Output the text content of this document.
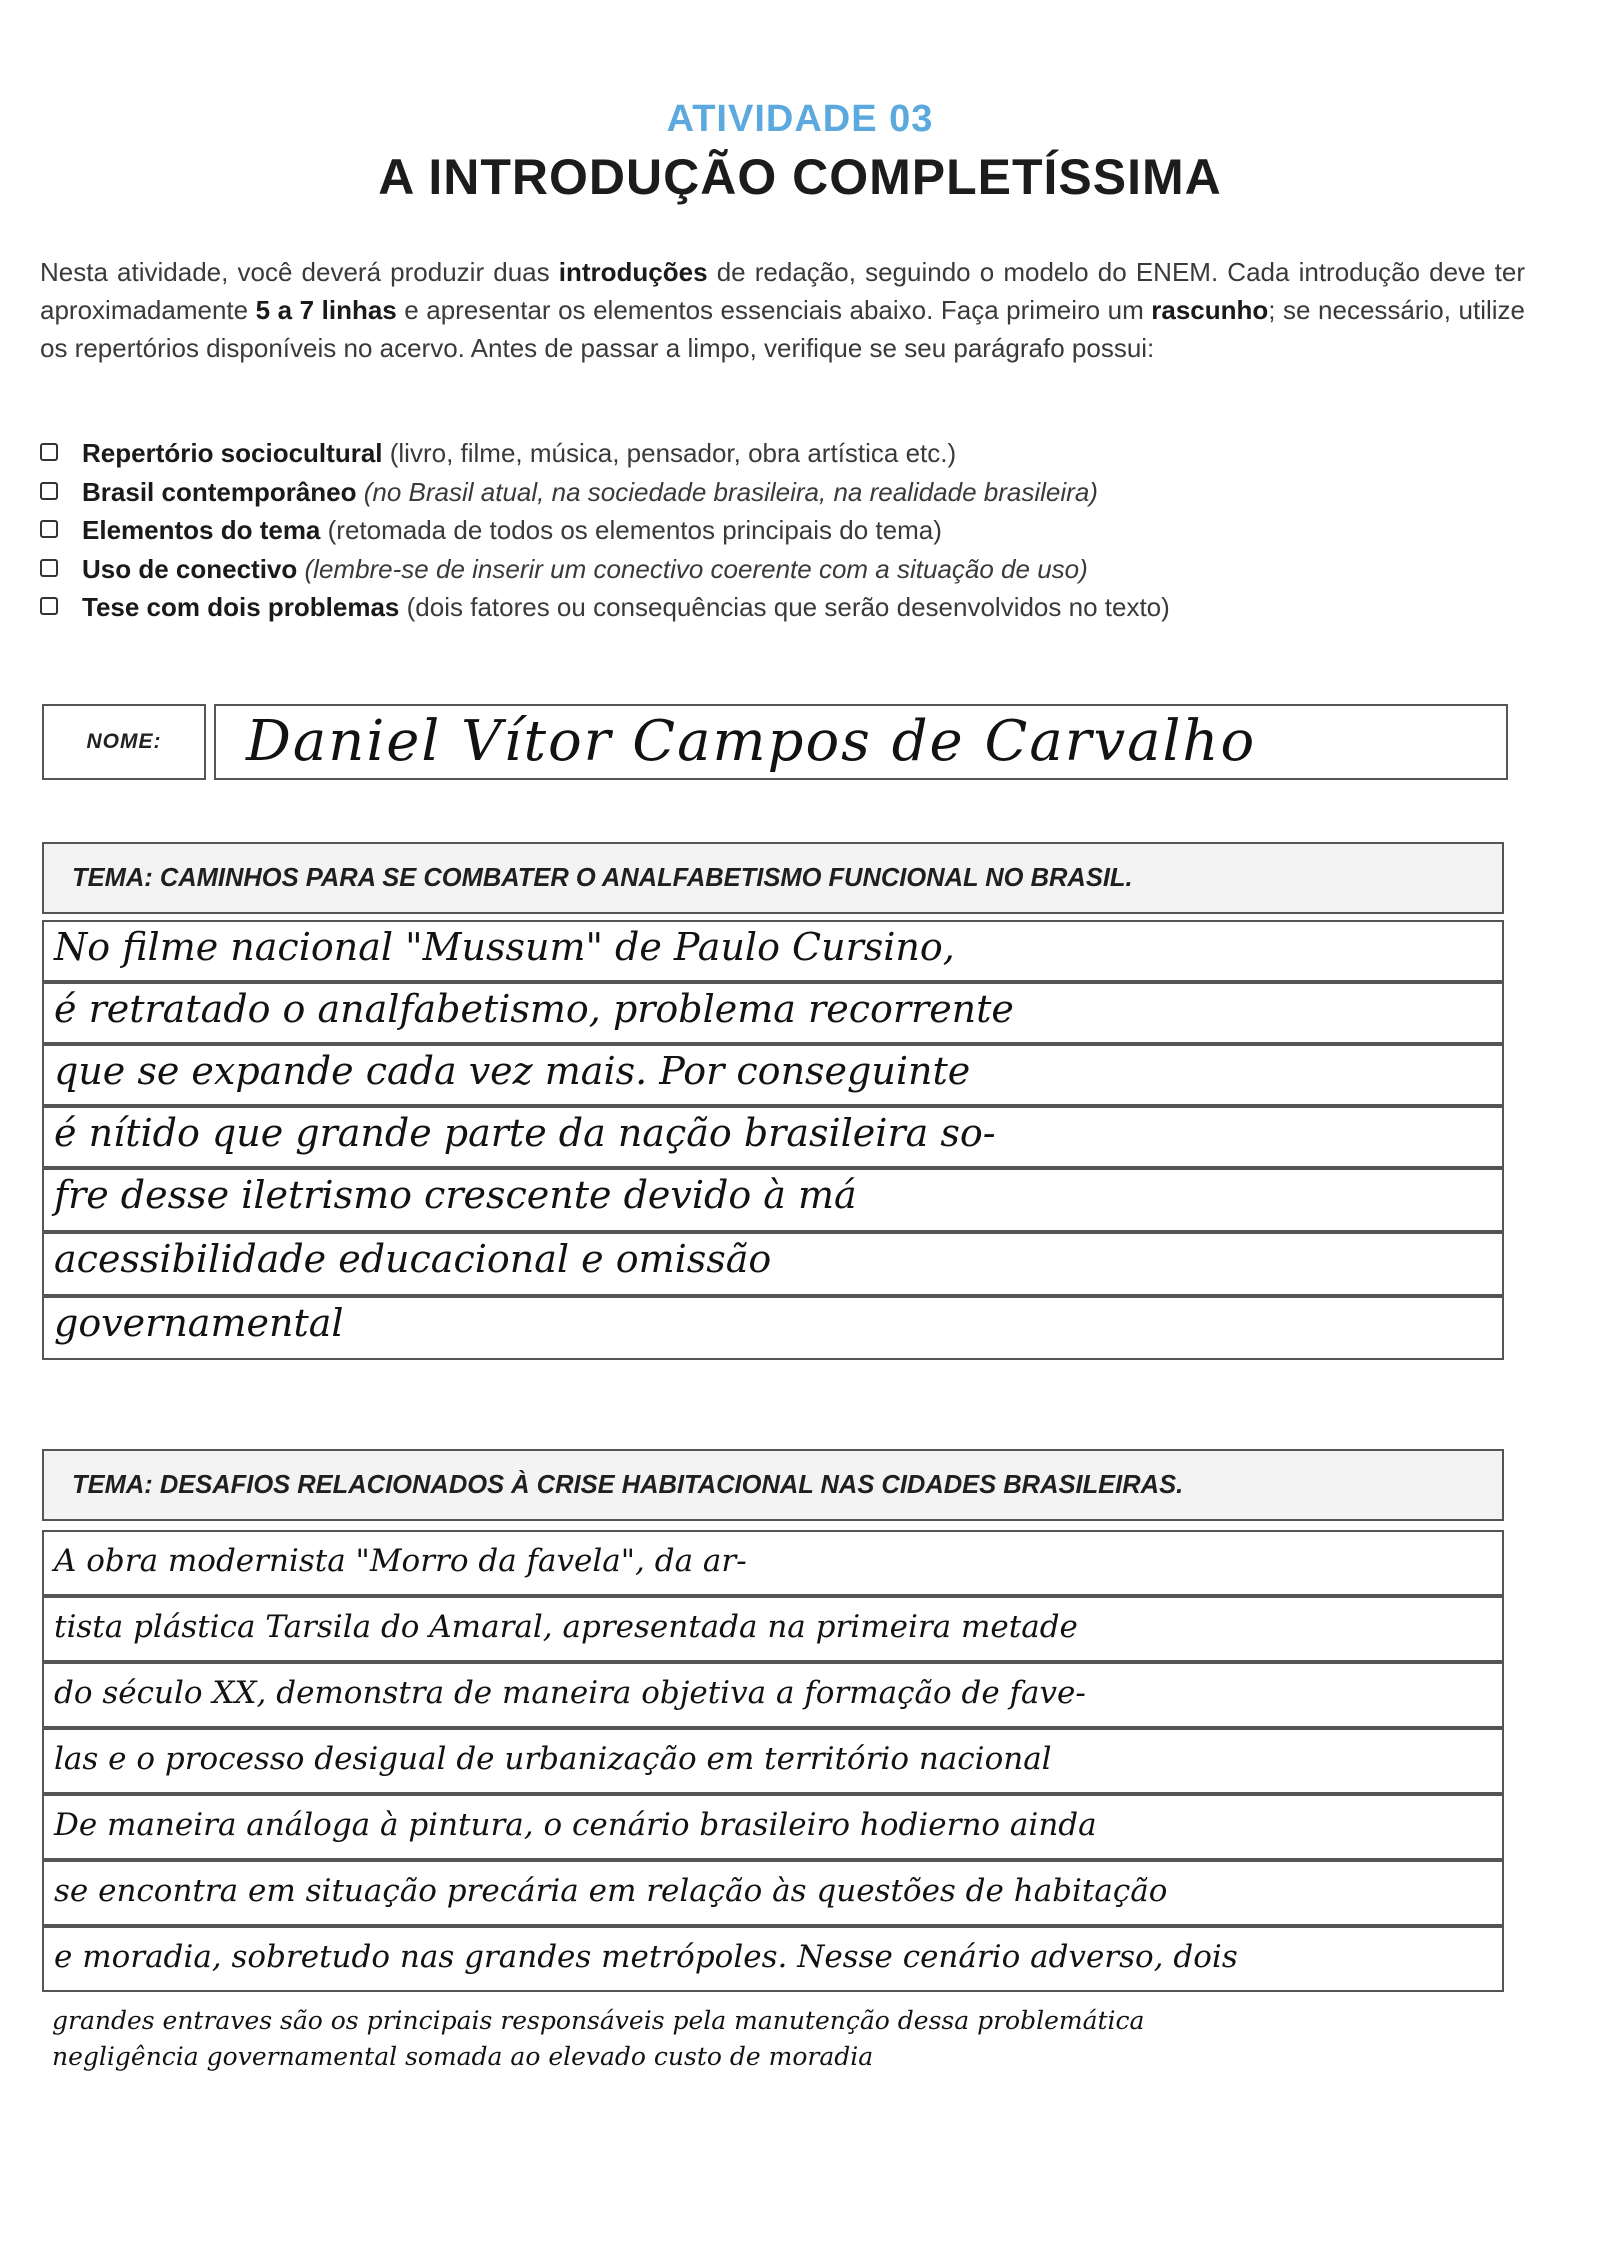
ATIVIDADE 03
A INTRODUÇÃO COMPLETÍSSIMA
Nesta atividade, você deverá produzir duas introduções de redação, seguindo o modelo do ENEM. Cada introdução deve ter aproximadamente 5 a 7 linhas e apresentar os elementos essenciais abaixo. Faça primeiro um rascunho; se necessário, utilize os repertórios disponíveis no acervo. Antes de passar a limpo, verifique se seu parágrafo possui:
Repertório sociocultural (livro, filme, música, pensador, obra artística etc.)
Brasil contemporâneo (no Brasil atual, na sociedade brasileira, na realidade brasileira)
Elementos do tema (retomada de todos os elementos principais do tema)
Uso de conectivo (lembre-se de inserir um conectivo coerente com a situação de uso)
Tese com dois problemas (dois fatores ou consequências que serão desenvolvidos no texto)
NOME:	Daniel Vítor Campos de Carvalho
TEMA: CAMINHOS PARA SE COMBATER O ANALFABETISMO FUNCIONAL NO BRASIL.
No filme nacional "Mussum" de Paulo Cursino,
é retratado o analfabetismo, problema recorrente
que se expande cada vez mais. Por conseguinte
é nítido que grande parte da nação brasileira so-
fre desse iletrismo crescente devido à má
acessibilidade educacional e omissão
governamental
TEMA: DESAFIOS RELACIONADOS À CRISE HABITACIONAL NAS CIDADES BRASILEIRAS.
A obra modernista "Morro da favela", da ar-
tista plástica Tarsila do Amaral, apresentada na primeira metade
do século XX, demonstra de maneira objetiva a formação de fave-
las e o processo desigual de urbanização em território nacional
De maneira análoga à pintura, o cenário brasileiro hodierno ainda
se encontra em situação precária em relação às questões de habitação
e moradia, sobretudo nas grandes metrópoles. Nesse cenário adverso, dois
grandes entraves são os principais responsáveis pela manutenção dessa problemática
negligência governamental somada ao elevado custo de moradia
